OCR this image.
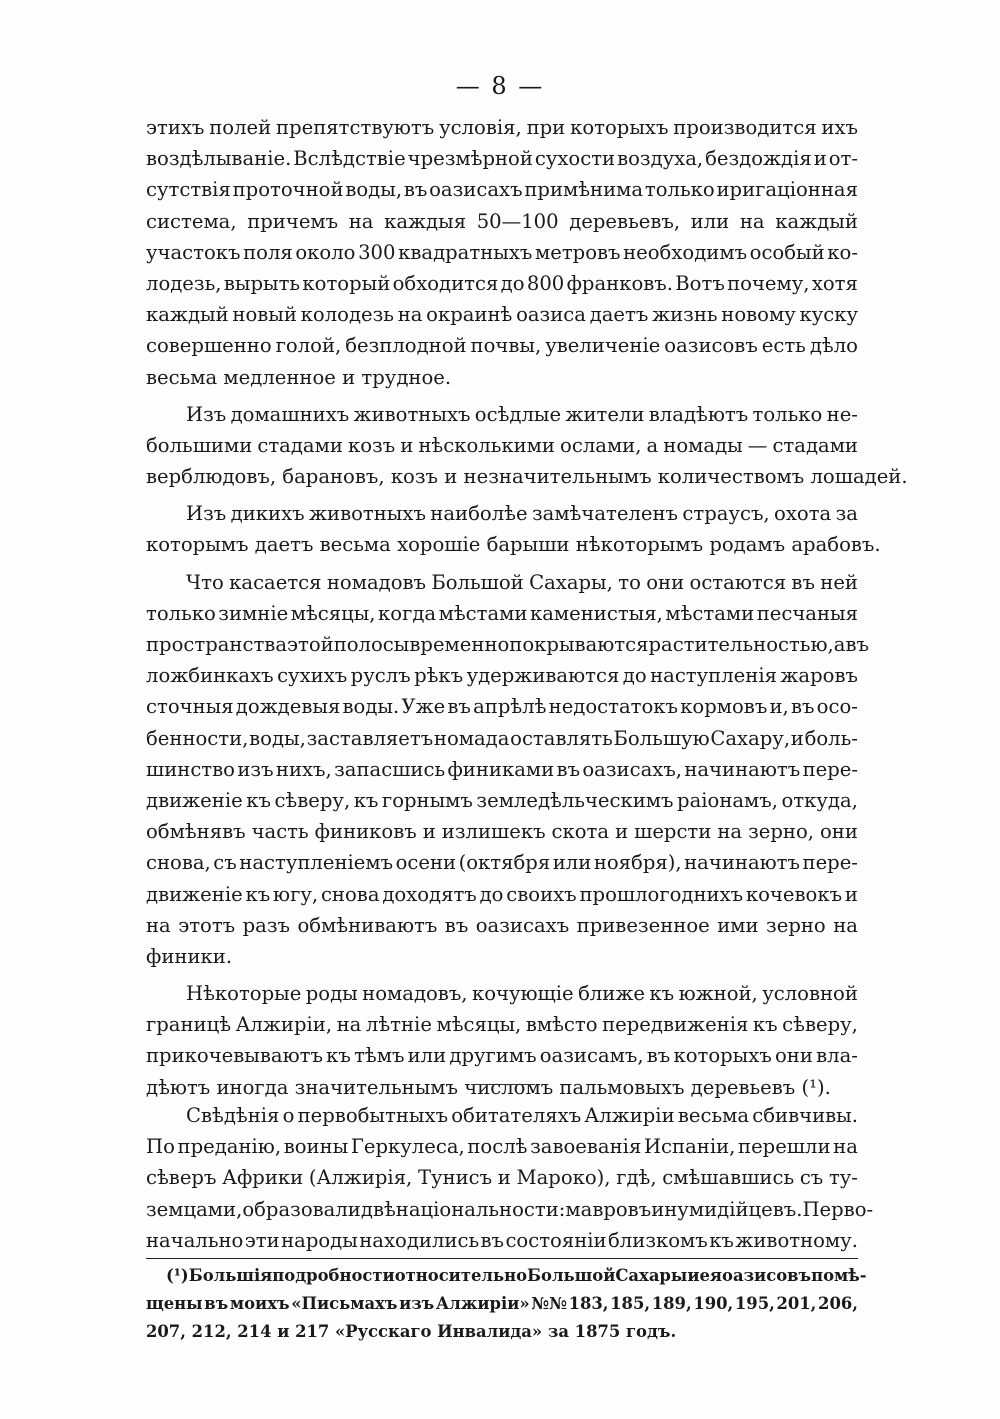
— 8 —
этихъ полей препятствуютъ условія, при которыхъ производится ихъ
воздѣлываніе. Вслѣдствіе чрезмѣрной сухости воздуха, бездождія и от-
сутствія проточной воды, въ оазисахъ примѣнима только иригаціонная
система, причемъ на каждыя 50—100 деревьевъ, или на каждый
участокъ поля около 300 квадратныхъ метровъ необходимъ особый ко-
лодезь, вырыть который обходится до 800 франковъ. Вотъ почему, хотя
каждый новый колодезь на окраинѣ оазиса даетъ жизнь новому куску
совершенно голой, безплодной почвы, увеличеніе оазисовъ есть дѣло
весьма медленное и трудное.
Изъ домашнихъ животныхъ осѣдлые жители владѣютъ только не-
большими стадами козъ и нѣсколькими ослами, а номады — стадами
верблюдовъ, барановъ, козъ и незначительнымъ количествомъ лошадей.
Изъ дикихъ животныхъ наиболѣе замѣчателенъ страусъ, охота за
которымъ даетъ весьма хорошіе барыши нѣкоторымъ родамъ арабовъ.
Что касается номадовъ Большой Сахары, то они остаются въ ней
только зимніе мѣсяцы, когда мѣстами каменистыя, мѣстами песчаныя
пространства этой полосы временно покрываются растительностью, а въ
ложбинкахъ сухихъ руслъ рѣкъ удерживаются до наступленія жаровъ
сточныя дождевыя воды. Уже въ апрѣлѣ недостатокъ кормовъ и, въ осо-
бенности, воды, заставляетъ номада оставлять Большую Сахару, и боль-
шинство изъ нихъ, запасшись финиками въ оазисахъ, начинаютъ пере-
движеніе къ сѣверу, къ горнымъ земледѣльческимъ раіонамъ, откуда,
обмѣнявъ часть финиковъ и излишекъ скота и шерсти на зерно, они
снова, съ наступленіемъ осени (октября или ноября), начинаютъ пере-
движеніе къ югу, снова доходятъ до своихъ прошлогоднихъ кочевокъ и
на этотъ разъ обмѣниваютъ въ оазисахъ привезенное ими зерно на
финики.
Нѣкоторые роды номадовъ, кочующіе ближе къ южной, условной
границѣ Алжиріи, на лѣтніе мѣсяцы, вмѣсто передвиженія къ сѣверу,
прикочевываютъ къ тѣмъ или другимъ оазисамъ, въ которыхъ они вла-
дѣютъ иногда значительнымъ числомъ пальмовыхъ деревьевъ (¹).
Свѣдѣнія о первобытныхъ обитателяхъ Алжиріи весьма сбивчивы.
По преданію, воины Геркулеса, послѣ завоеванія Испаніи, перешли на
сѣверъ Африки (Алжирія, Тунисъ и Мароко), гдѣ, смѣшавшись съ ту-
земцами, образовали двѣ національности: мавровъ и нумидійцевъ. Перво-
начально эти народы находились въ состояніи близкомъ къ животному.
(¹) Большія подробности относительно Большой Сахары и ея оазисовъ помѣ-
щены въ моихъ «Письмахъ изъ Алжиріи» №№ 183, 185, 189, 190, 195, 201, 206,
207, 212, 214 и 217 «Русскаго Инвалида» за 1875 годъ.
